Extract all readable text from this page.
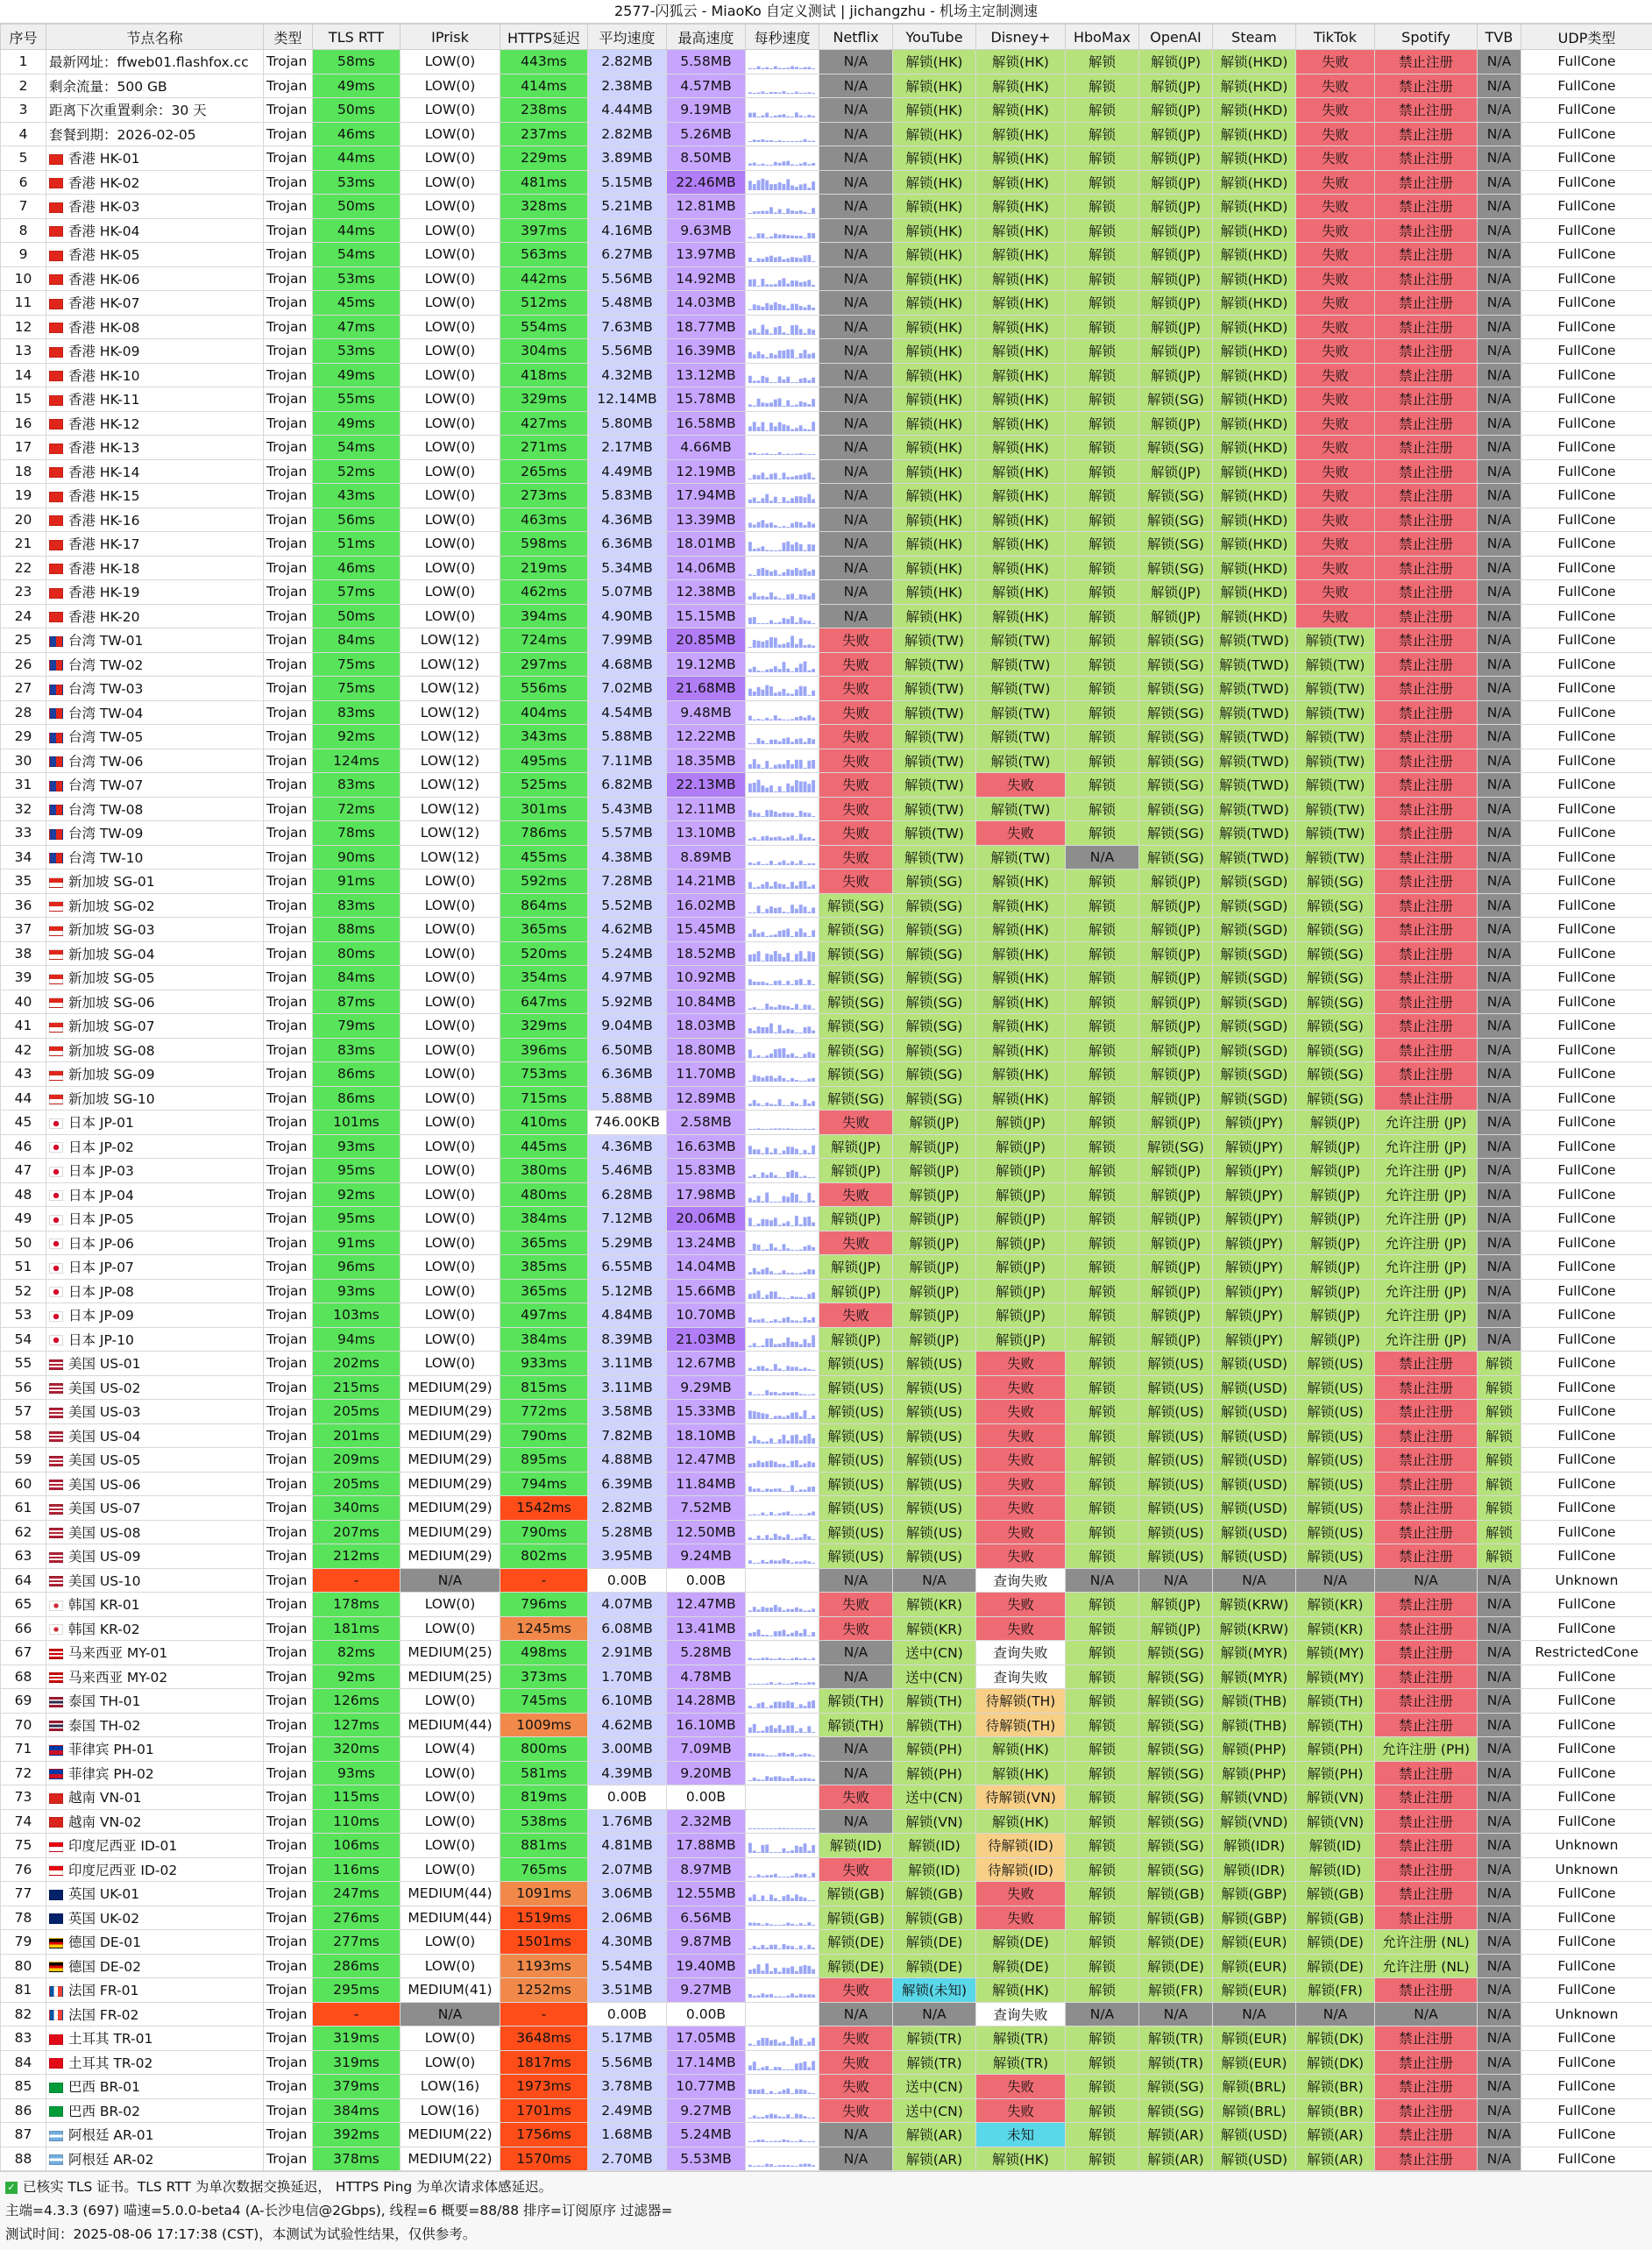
2577-闪狐云 - MiaoKo 自定义测试 | jichangzhu - 机场主定制测速
序号	节点名称	类型	TLS RTT	IPrisk	HTTPS延迟	平均速度	最高速度	每秒速度	Netflix	YouTube	Disney+	HboMax	OpenAI	Steam	TikTok	Spotify	TVB	UDP类型
1	最新网址：ffweb01.flashfox.cc	Trojan	58ms	LOW(0)	443ms	2.82MB	5.58MB		N/A	解锁(HK)	解锁(HK)	解锁	解锁(JP)	解锁(HKD)	失败	禁止注册	N/A	FullCone
2	剩余流量：500 GB	Trojan	49ms	LOW(0)	414ms	2.38MB	4.57MB		N/A	解锁(HK)	解锁(HK)	解锁	解锁(JP)	解锁(HKD)	失败	禁止注册	N/A	FullCone
3	距离下次重置剩余：30 天	Trojan	50ms	LOW(0)	238ms	4.44MB	9.19MB		N/A	解锁(HK)	解锁(HK)	解锁	解锁(JP)	解锁(HKD)	失败	禁止注册	N/A	FullCone
4	套餐到期：2026-02-05	Trojan	46ms	LOW(0)	237ms	2.82MB	5.26MB		N/A	解锁(HK)	解锁(HK)	解锁	解锁(JP)	解锁(HKD)	失败	禁止注册	N/A	FullCone
5	香港 HK-01	Trojan	44ms	LOW(0)	229ms	3.89MB	8.50MB		N/A	解锁(HK)	解锁(HK)	解锁	解锁(JP)	解锁(HKD)	失败	禁止注册	N/A	FullCone
6	香港 HK-02	Trojan	53ms	LOW(0)	481ms	5.15MB	22.46MB		N/A	解锁(HK)	解锁(HK)	解锁	解锁(JP)	解锁(HKD)	失败	禁止注册	N/A	FullCone
7	香港 HK-03	Trojan	50ms	LOW(0)	328ms	5.21MB	12.81MB		N/A	解锁(HK)	解锁(HK)	解锁	解锁(JP)	解锁(HKD)	失败	禁止注册	N/A	FullCone
8	香港 HK-04	Trojan	44ms	LOW(0)	397ms	4.16MB	9.63MB		N/A	解锁(HK)	解锁(HK)	解锁	解锁(JP)	解锁(HKD)	失败	禁止注册	N/A	FullCone
9	香港 HK-05	Trojan	54ms	LOW(0)	563ms	6.27MB	13.97MB		N/A	解锁(HK)	解锁(HK)	解锁	解锁(JP)	解锁(HKD)	失败	禁止注册	N/A	FullCone
10	香港 HK-06	Trojan	53ms	LOW(0)	442ms	5.56MB	14.92MB		N/A	解锁(HK)	解锁(HK)	解锁	解锁(JP)	解锁(HKD)	失败	禁止注册	N/A	FullCone
11	香港 HK-07	Trojan	45ms	LOW(0)	512ms	5.48MB	14.03MB		N/A	解锁(HK)	解锁(HK)	解锁	解锁(JP)	解锁(HKD)	失败	禁止注册	N/A	FullCone
12	香港 HK-08	Trojan	47ms	LOW(0)	554ms	7.63MB	18.77MB		N/A	解锁(HK)	解锁(HK)	解锁	解锁(JP)	解锁(HKD)	失败	禁止注册	N/A	FullCone
13	香港 HK-09	Trojan	53ms	LOW(0)	304ms	5.56MB	16.39MB		N/A	解锁(HK)	解锁(HK)	解锁	解锁(JP)	解锁(HKD)	失败	禁止注册	N/A	FullCone
14	香港 HK-10	Trojan	49ms	LOW(0)	418ms	4.32MB	13.12MB		N/A	解锁(HK)	解锁(HK)	解锁	解锁(JP)	解锁(HKD)	失败	禁止注册	N/A	FullCone
15	香港 HK-11	Trojan	55ms	LOW(0)	329ms	12.14MB	15.78MB		N/A	解锁(HK)	解锁(HK)	解锁	解锁(SG)	解锁(HKD)	失败	禁止注册	N/A	FullCone
16	香港 HK-12	Trojan	49ms	LOW(0)	427ms	5.80MB	16.58MB		N/A	解锁(HK)	解锁(HK)	解锁	解锁(JP)	解锁(HKD)	失败	禁止注册	N/A	FullCone
17	香港 HK-13	Trojan	54ms	LOW(0)	271ms	2.17MB	4.66MB		N/A	解锁(HK)	解锁(HK)	解锁	解锁(SG)	解锁(HKD)	失败	禁止注册	N/A	FullCone
18	香港 HK-14	Trojan	52ms	LOW(0)	265ms	4.49MB	12.19MB		N/A	解锁(HK)	解锁(HK)	解锁	解锁(JP)	解锁(HKD)	失败	禁止注册	N/A	FullCone
19	香港 HK-15	Trojan	43ms	LOW(0)	273ms	5.83MB	17.94MB		N/A	解锁(HK)	解锁(HK)	解锁	解锁(SG)	解锁(HKD)	失败	禁止注册	N/A	FullCone
20	香港 HK-16	Trojan	56ms	LOW(0)	463ms	4.36MB	13.39MB		N/A	解锁(HK)	解锁(HK)	解锁	解锁(SG)	解锁(HKD)	失败	禁止注册	N/A	FullCone
21	香港 HK-17	Trojan	51ms	LOW(0)	598ms	6.36MB	18.01MB		N/A	解锁(HK)	解锁(HK)	解锁	解锁(SG)	解锁(HKD)	失败	禁止注册	N/A	FullCone
22	香港 HK-18	Trojan	46ms	LOW(0)	219ms	5.34MB	14.06MB		N/A	解锁(HK)	解锁(HK)	解锁	解锁(SG)	解锁(HKD)	失败	禁止注册	N/A	FullCone
23	香港 HK-19	Trojan	57ms	LOW(0)	462ms	5.07MB	12.38MB		N/A	解锁(HK)	解锁(HK)	解锁	解锁(JP)	解锁(HKD)	失败	禁止注册	N/A	FullCone
24	香港 HK-20	Trojan	50ms	LOW(0)	394ms	4.90MB	15.15MB		N/A	解锁(HK)	解锁(HK)	解锁	解锁(JP)	解锁(HKD)	失败	禁止注册	N/A	FullCone
25	台湾 TW-01	Trojan	84ms	LOW(12)	724ms	7.99MB	20.85MB		失败	解锁(TW)	解锁(TW)	解锁	解锁(SG)	解锁(TWD)	解锁(TW)	禁止注册	N/A	FullCone
26	台湾 TW-02	Trojan	75ms	LOW(12)	297ms	4.68MB	19.12MB		失败	解锁(TW)	解锁(TW)	解锁	解锁(SG)	解锁(TWD)	解锁(TW)	禁止注册	N/A	FullCone
27	台湾 TW-03	Trojan	75ms	LOW(12)	556ms	7.02MB	21.68MB		失败	解锁(TW)	解锁(TW)	解锁	解锁(SG)	解锁(TWD)	解锁(TW)	禁止注册	N/A	FullCone
28	台湾 TW-04	Trojan	83ms	LOW(12)	404ms	4.54MB	9.48MB		失败	解锁(TW)	解锁(TW)	解锁	解锁(SG)	解锁(TWD)	解锁(TW)	禁止注册	N/A	FullCone
29	台湾 TW-05	Trojan	92ms	LOW(12)	343ms	5.88MB	12.22MB		失败	解锁(TW)	解锁(TW)	解锁	解锁(SG)	解锁(TWD)	解锁(TW)	禁止注册	N/A	FullCone
30	台湾 TW-06	Trojan	124ms	LOW(12)	495ms	7.11MB	18.35MB		失败	解锁(TW)	解锁(TW)	解锁	解锁(SG)	解锁(TWD)	解锁(TW)	禁止注册	N/A	FullCone
31	台湾 TW-07	Trojan	83ms	LOW(12)	525ms	6.82MB	22.13MB		失败	解锁(TW)	失败	解锁	解锁(SG)	解锁(TWD)	解锁(TW)	禁止注册	N/A	FullCone
32	台湾 TW-08	Trojan	72ms	LOW(12)	301ms	5.43MB	12.11MB		失败	解锁(TW)	解锁(TW)	解锁	解锁(SG)	解锁(TWD)	解锁(TW)	禁止注册	N/A	FullCone
33	台湾 TW-09	Trojan	78ms	LOW(12)	786ms	5.57MB	13.10MB		失败	解锁(TW)	失败	解锁	解锁(SG)	解锁(TWD)	解锁(TW)	禁止注册	N/A	FullCone
34	台湾 TW-10	Trojan	90ms	LOW(12)	455ms	4.38MB	8.89MB		失败	解锁(TW)	解锁(TW)	N/A	解锁(SG)	解锁(TWD)	解锁(TW)	禁止注册	N/A	FullCone
35	新加坡 SG-01	Trojan	91ms	LOW(0)	592ms	7.28MB	14.21MB		失败	解锁(SG)	解锁(HK)	解锁	解锁(JP)	解锁(SGD)	解锁(SG)	禁止注册	N/A	FullCone
36	新加坡 SG-02	Trojan	83ms	LOW(0)	864ms	5.52MB	16.02MB		解锁(SG)	解锁(SG)	解锁(HK)	解锁	解锁(JP)	解锁(SGD)	解锁(SG)	禁止注册	N/A	FullCone
37	新加坡 SG-03	Trojan	88ms	LOW(0)	365ms	4.62MB	15.45MB		解锁(SG)	解锁(SG)	解锁(HK)	解锁	解锁(JP)	解锁(SGD)	解锁(SG)	禁止注册	N/A	FullCone
38	新加坡 SG-04	Trojan	80ms	LOW(0)	520ms	5.24MB	18.52MB		解锁(SG)	解锁(SG)	解锁(HK)	解锁	解锁(JP)	解锁(SGD)	解锁(SG)	禁止注册	N/A	FullCone
39	新加坡 SG-05	Trojan	84ms	LOW(0)	354ms	4.97MB	10.92MB		解锁(SG)	解锁(SG)	解锁(HK)	解锁	解锁(JP)	解锁(SGD)	解锁(SG)	禁止注册	N/A	FullCone
40	新加坡 SG-06	Trojan	87ms	LOW(0)	647ms	5.92MB	10.84MB		解锁(SG)	解锁(SG)	解锁(HK)	解锁	解锁(JP)	解锁(SGD)	解锁(SG)	禁止注册	N/A	FullCone
41	新加坡 SG-07	Trojan	79ms	LOW(0)	329ms	9.04MB	18.03MB		解锁(SG)	解锁(SG)	解锁(HK)	解锁	解锁(JP)	解锁(SGD)	解锁(SG)	禁止注册	N/A	FullCone
42	新加坡 SG-08	Trojan	83ms	LOW(0)	396ms	6.50MB	18.80MB		解锁(SG)	解锁(SG)	解锁(HK)	解锁	解锁(JP)	解锁(SGD)	解锁(SG)	禁止注册	N/A	FullCone
43	新加坡 SG-09	Trojan	86ms	LOW(0)	753ms	6.36MB	11.70MB		解锁(SG)	解锁(SG)	解锁(HK)	解锁	解锁(JP)	解锁(SGD)	解锁(SG)	禁止注册	N/A	FullCone
44	新加坡 SG-10	Trojan	86ms	LOW(0)	715ms	5.88MB	12.89MB		解锁(SG)	解锁(SG)	解锁(HK)	解锁	解锁(JP)	解锁(SGD)	解锁(SG)	禁止注册	N/A	FullCone
45	日本 JP-01	Trojan	101ms	LOW(0)	410ms	746.00KB	2.58MB		失败	解锁(JP)	解锁(JP)	解锁	解锁(JP)	解锁(JPY)	解锁(JP)	允许注册 (JP)	N/A	FullCone
46	日本 JP-02	Trojan	93ms	LOW(0)	445ms	4.36MB	16.63MB		解锁(JP)	解锁(JP)	解锁(JP)	解锁	解锁(SG)	解锁(JPY)	解锁(JP)	允许注册 (JP)	N/A	FullCone
47	日本 JP-03	Trojan	95ms	LOW(0)	380ms	5.46MB	15.83MB		解锁(JP)	解锁(JP)	解锁(JP)	解锁	解锁(JP)	解锁(JPY)	解锁(JP)	允许注册 (JP)	N/A	FullCone
48	日本 JP-04	Trojan	92ms	LOW(0)	480ms	6.28MB	17.98MB		失败	解锁(JP)	解锁(JP)	解锁	解锁(JP)	解锁(JPY)	解锁(JP)	允许注册 (JP)	N/A	FullCone
49	日本 JP-05	Trojan	95ms	LOW(0)	384ms	7.12MB	20.06MB		解锁(JP)	解锁(JP)	解锁(JP)	解锁	解锁(JP)	解锁(JPY)	解锁(JP)	允许注册 (JP)	N/A	FullCone
50	日本 JP-06	Trojan	91ms	LOW(0)	365ms	5.29MB	13.24MB		失败	解锁(JP)	解锁(JP)	解锁	解锁(JP)	解锁(JPY)	解锁(JP)	允许注册 (JP)	N/A	FullCone
51	日本 JP-07	Trojan	96ms	LOW(0)	385ms	6.55MB	14.04MB		解锁(JP)	解锁(JP)	解锁(JP)	解锁	解锁(JP)	解锁(JPY)	解锁(JP)	允许注册 (JP)	N/A	FullCone
52	日本 JP-08	Trojan	93ms	LOW(0)	365ms	5.12MB	15.66MB		解锁(JP)	解锁(JP)	解锁(JP)	解锁	解锁(JP)	解锁(JPY)	解锁(JP)	允许注册 (JP)	N/A	FullCone
53	日本 JP-09	Trojan	103ms	LOW(0)	497ms	4.84MB	10.70MB		失败	解锁(JP)	解锁(JP)	解锁	解锁(JP)	解锁(JPY)	解锁(JP)	允许注册 (JP)	N/A	FullCone
54	日本 JP-10	Trojan	94ms	LOW(0)	384ms	8.39MB	21.03MB		解锁(JP)	解锁(JP)	解锁(JP)	解锁	解锁(JP)	解锁(JPY)	解锁(JP)	允许注册 (JP)	N/A	FullCone
55	美国 US-01	Trojan	202ms	LOW(0)	933ms	3.11MB	12.67MB		解锁(US)	解锁(US)	失败	解锁	解锁(US)	解锁(USD)	解锁(US)	禁止注册	解锁	FullCone
56	美国 US-02	Trojan	215ms	MEDIUM(29)	815ms	3.11MB	9.29MB		解锁(US)	解锁(US)	失败	解锁	解锁(US)	解锁(USD)	解锁(US)	禁止注册	解锁	FullCone
57	美国 US-03	Trojan	205ms	MEDIUM(29)	772ms	3.58MB	15.33MB		解锁(US)	解锁(US)	失败	解锁	解锁(US)	解锁(USD)	解锁(US)	禁止注册	解锁	FullCone
58	美国 US-04	Trojan	201ms	MEDIUM(29)	790ms	7.82MB	18.10MB		解锁(US)	解锁(US)	失败	解锁	解锁(US)	解锁(USD)	解锁(US)	禁止注册	解锁	FullCone
59	美国 US-05	Trojan	209ms	MEDIUM(29)	895ms	4.88MB	12.47MB		解锁(US)	解锁(US)	失败	解锁	解锁(US)	解锁(USD)	解锁(US)	禁止注册	解锁	FullCone
60	美国 US-06	Trojan	205ms	MEDIUM(29)	794ms	6.39MB	11.84MB		解锁(US)	解锁(US)	失败	解锁	解锁(US)	解锁(USD)	解锁(US)	禁止注册	解锁	FullCone
61	美国 US-07	Trojan	340ms	MEDIUM(29)	1542ms	2.82MB	7.52MB		解锁(US)	解锁(US)	失败	解锁	解锁(US)	解锁(USD)	解锁(US)	禁止注册	解锁	FullCone
62	美国 US-08	Trojan	207ms	MEDIUM(29)	790ms	5.28MB	12.50MB		解锁(US)	解锁(US)	失败	解锁	解锁(US)	解锁(USD)	解锁(US)	禁止注册	解锁	FullCone
63	美国 US-09	Trojan	212ms	MEDIUM(29)	802ms	3.95MB	9.24MB		解锁(US)	解锁(US)	失败	解锁	解锁(US)	解锁(USD)	解锁(US)	禁止注册	解锁	FullCone
64	美国 US-10	Trojan	-	N/A	-	0.00B	0.00B		N/A	N/A	查询失败	N/A	N/A	N/A	N/A	N/A	N/A	Unknown
65	韩国 KR-01	Trojan	178ms	LOW(0)	796ms	4.07MB	12.47MB		失败	解锁(KR)	失败	解锁	解锁(JP)	解锁(KRW)	解锁(KR)	禁止注册	N/A	FullCone
66	韩国 KR-02	Trojan	181ms	LOW(0)	1245ms	6.08MB	13.41MB		失败	解锁(KR)	失败	解锁	解锁(JP)	解锁(KRW)	解锁(KR)	禁止注册	N/A	FullCone
67	马来西亚 MY-01	Trojan	82ms	MEDIUM(25)	498ms	2.91MB	5.28MB		N/A	送中(CN)	查询失败	解锁	解锁(SG)	解锁(MYR)	解锁(MY)	禁止注册	N/A	RestrictedCone
68	马来西亚 MY-02	Trojan	92ms	MEDIUM(25)	373ms	1.70MB	4.78MB		N/A	送中(CN)	查询失败	解锁	解锁(SG)	解锁(MYR)	解锁(MY)	禁止注册	N/A	FullCone
69	泰国 TH-01	Trojan	126ms	LOW(0)	745ms	6.10MB	14.28MB		解锁(TH)	解锁(TH)	待解锁(TH)	解锁	解锁(SG)	解锁(THB)	解锁(TH)	禁止注册	N/A	FullCone
70	泰国 TH-02	Trojan	127ms	MEDIUM(44)	1009ms	4.62MB	16.10MB		解锁(TH)	解锁(TH)	待解锁(TH)	解锁	解锁(SG)	解锁(THB)	解锁(TH)	禁止注册	N/A	FullCone
71	菲律宾 PH-01	Trojan	320ms	LOW(4)	800ms	3.00MB	7.09MB		N/A	解锁(PH)	解锁(HK)	解锁	解锁(SG)	解锁(PHP)	解锁(PH)	允许注册 (PH)	N/A	FullCone
72	菲律宾 PH-02	Trojan	93ms	LOW(0)	581ms	4.39MB	9.20MB		N/A	解锁(PH)	解锁(HK)	解锁	解锁(SG)	解锁(PHP)	解锁(PH)	禁止注册	N/A	FullCone
73	越南 VN-01	Trojan	115ms	LOW(0)	819ms	0.00B	0.00B		失败	送中(CN)	待解锁(VN)	解锁	解锁(SG)	解锁(VND)	解锁(VN)	禁止注册	N/A	FullCone
74	越南 VN-02	Trojan	110ms	LOW(0)	538ms	1.76MB	2.32MB		N/A	解锁(VN)	解锁(HK)	解锁	解锁(SG)	解锁(VND)	解锁(VN)	禁止注册	N/A	FullCone
75	印度尼西亚 ID-01	Trojan	106ms	LOW(0)	881ms	4.81MB	17.88MB		解锁(ID)	解锁(ID)	待解锁(ID)	解锁	解锁(SG)	解锁(IDR)	解锁(ID)	禁止注册	N/A	Unknown
76	印度尼西亚 ID-02	Trojan	116ms	LOW(0)	765ms	2.07MB	8.97MB		失败	解锁(ID)	待解锁(ID)	解锁	解锁(SG)	解锁(IDR)	解锁(ID)	禁止注册	N/A	Unknown
77	英国 UK-01	Trojan	247ms	MEDIUM(44)	1091ms	3.06MB	12.55MB		解锁(GB)	解锁(GB)	失败	解锁	解锁(GB)	解锁(GBP)	解锁(GB)	禁止注册	N/A	FullCone
78	英国 UK-02	Trojan	276ms	MEDIUM(44)	1519ms	2.06MB	6.56MB		解锁(GB)	解锁(GB)	失败	解锁	解锁(GB)	解锁(GBP)	解锁(GB)	禁止注册	N/A	FullCone
79	德国 DE-01	Trojan	277ms	LOW(0)	1501ms	4.30MB	9.87MB		解锁(DE)	解锁(DE)	解锁(DE)	解锁	解锁(DE)	解锁(EUR)	解锁(DE)	允许注册 (NL)	N/A	FullCone
80	德国 DE-02	Trojan	286ms	LOW(0)	1193ms	5.54MB	19.40MB		解锁(DE)	解锁(DE)	解锁(DE)	解锁	解锁(DE)	解锁(EUR)	解锁(DE)	允许注册 (NL)	N/A	FullCone
81	法国 FR-01	Trojan	295ms	MEDIUM(41)	1252ms	3.51MB	9.27MB		失败	解锁(未知)	解锁(HK)	解锁	解锁(FR)	解锁(EUR)	解锁(FR)	禁止注册	N/A	FullCone
82	法国 FR-02	Trojan	-	N/A	-	0.00B	0.00B		N/A	N/A	查询失败	N/A	N/A	N/A	N/A	N/A	N/A	Unknown
83	土耳其 TR-01	Trojan	319ms	LOW(0)	3648ms	5.17MB	17.05MB		失败	解锁(TR)	解锁(TR)	解锁	解锁(TR)	解锁(EUR)	解锁(DK)	禁止注册	N/A	FullCone
84	土耳其 TR-02	Trojan	319ms	LOW(0)	1817ms	5.56MB	17.14MB		失败	解锁(TR)	解锁(TR)	解锁	解锁(TR)	解锁(EUR)	解锁(DK)	禁止注册	N/A	FullCone
85	巴西 BR-01	Trojan	379ms	LOW(16)	1973ms	3.78MB	10.77MB		失败	送中(CN)	失败	解锁	解锁(SG)	解锁(BRL)	解锁(BR)	禁止注册	N/A	FullCone
86	巴西 BR-02	Trojan	384ms	LOW(16)	1701ms	2.49MB	9.27MB		失败	送中(CN)	失败	解锁	解锁(SG)	解锁(BRL)	解锁(BR)	禁止注册	N/A	FullCone
87	阿根廷 AR-01	Trojan	392ms	MEDIUM(22)	1756ms	1.68MB	5.24MB		N/A	解锁(AR)	未知	解锁	解锁(AR)	解锁(USD)	解锁(AR)	禁止注册	N/A	FullCone
88	阿根廷 AR-02	Trojan	378ms	MEDIUM(22)	1570ms	2.70MB	5.53MB		N/A	解锁(AR)	解锁(HK)	解锁	解锁(AR)	解锁(USD)	解锁(AR)	禁止注册	N/A	FullCone
✓ 已核实 TLS 证书。TLS RTT 为单次数据交换延迟， HTTPS Ping 为单次请求体感延迟。
主端=4.3.3 (697) 喵速=5.0.0-beta4 (A-长沙电信@2Gbps), 线程=6 概要=88/88 排序=订阅原序 过滤器=
测试时间：2025-08-06 17:17:38 (CST)，本测试为试验性结果，仅供参考。
